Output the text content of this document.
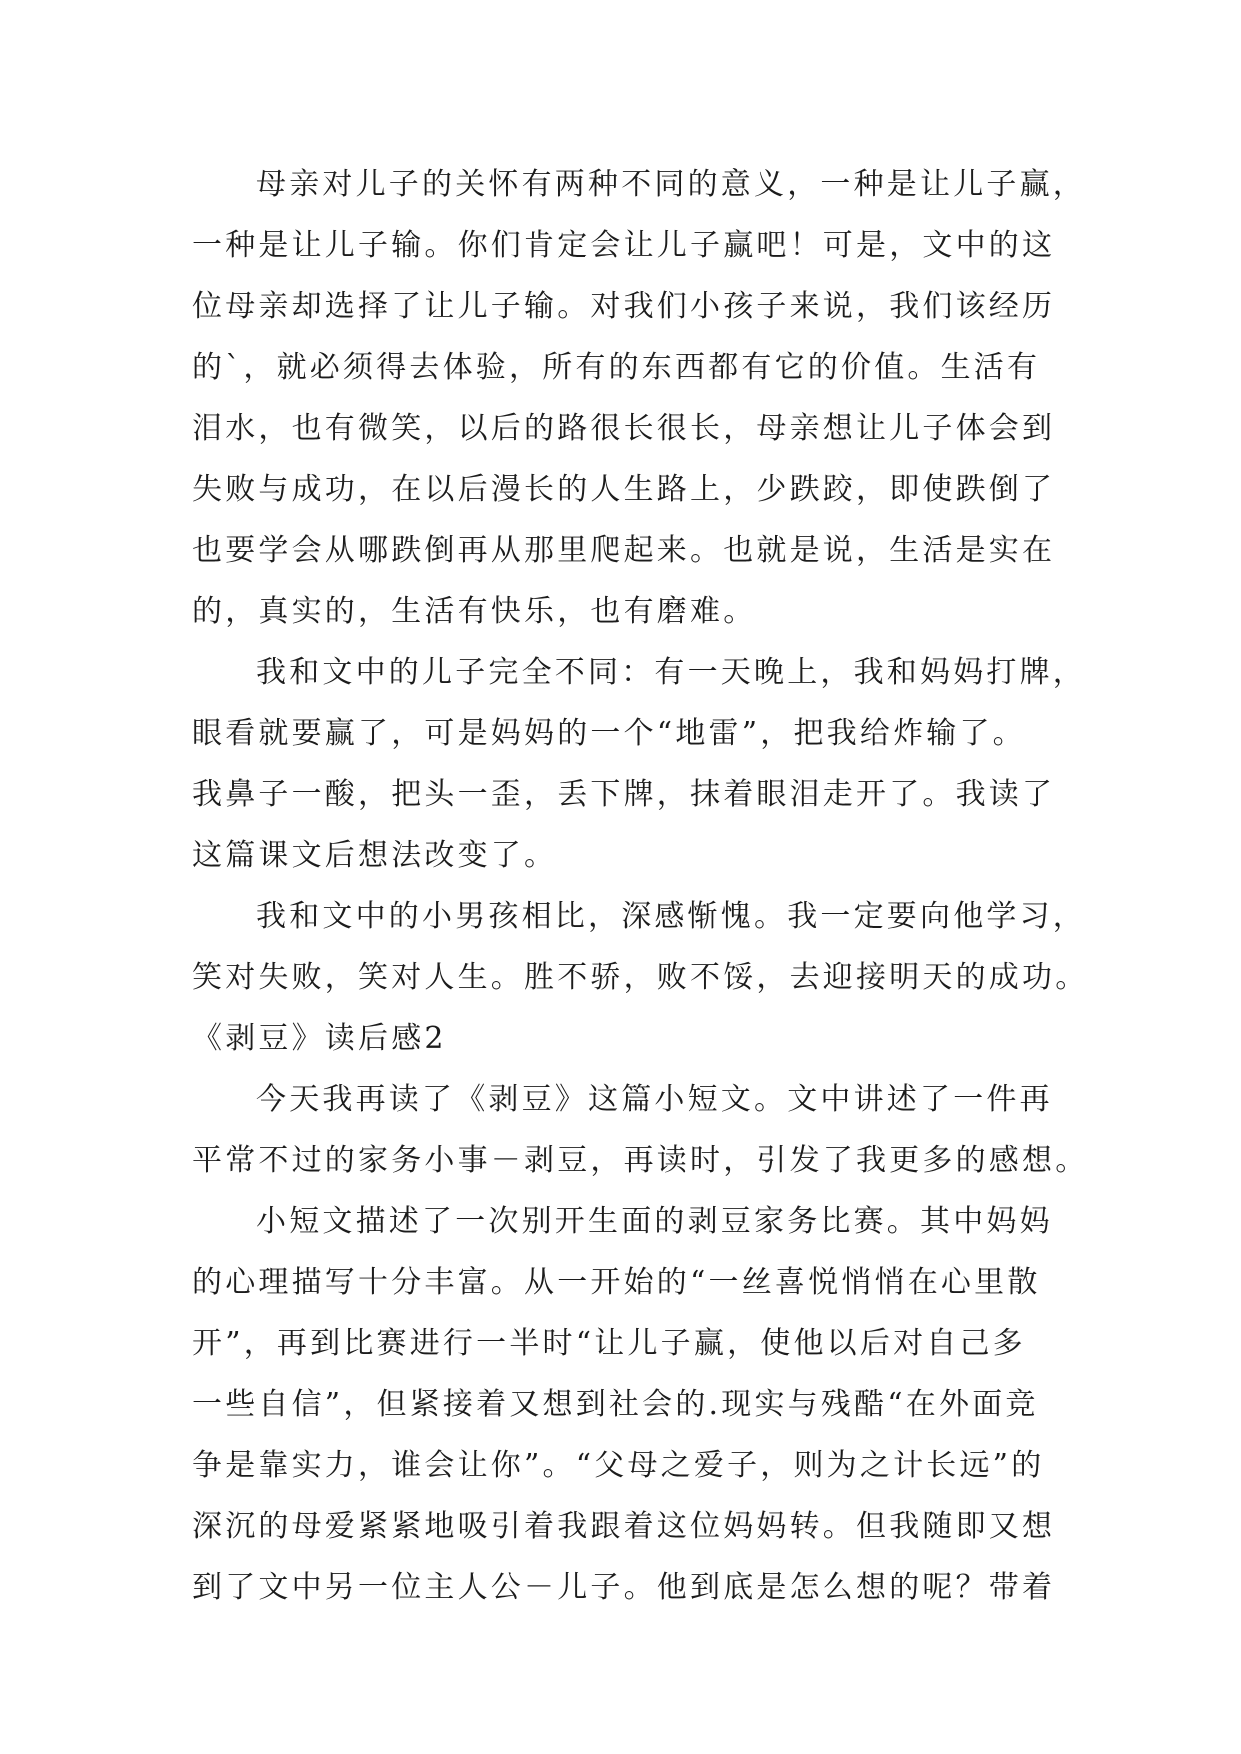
母亲对儿子的关怀有两种不同的意义，一种是让儿子赢，
一种是让儿子输。你们肯定会让儿子赢吧！可是，文中的这
位母亲却选择了让儿子输。对我们小孩子来说，我们该经历
的`，就必须得去体验，所有的东西都有它的价值。生活有
泪水，也有微笑，以后的路很长很长，母亲想让儿子体会到
失败与成功，在以后漫长的人生路上，少跌跤，即使跌倒了
也要学会从哪跌倒再从那里爬起来。也就是说，生活是实在
的，真实的，生活有快乐，也有磨难。
我和文中的儿子完全不同：有一天晚上，我和妈妈打牌，
眼看就要赢了，可是妈妈的一个“地雷”，把我给炸输了。
我鼻子一酸，把头一歪，丢下牌，抹着眼泪走开了。我读了
这篇课文后想法改变了。
我和文中的小男孩相比，深感惭愧。我一定要向他学习，
笑对失败，笑对人生。胜不骄，败不馁，去迎接明天的成功。
《剥豆》读后感2
今天我再读了《剥豆》这篇小短文。文中讲述了一件再
平常不过的家务小事－剥豆，再读时，引发了我更多的感想。
小短文描述了一次别开生面的剥豆家务比赛。其中妈妈
的心理描写十分丰富。从一开始的“一丝喜悦悄悄在心里散
开”，再到比赛进行一半时“让儿子赢，使他以后对自己多
一些自信”，但紧接着又想到社会的.现实与残酷“在外面竞
争是靠实力，谁会让你”。“父母之爱子，则为之计长远”的
深沉的母爱紧紧地吸引着我跟着这位妈妈转。但我随即又想
到了文中另一位主人公－儿子。他到底是怎么想的呢？带着
